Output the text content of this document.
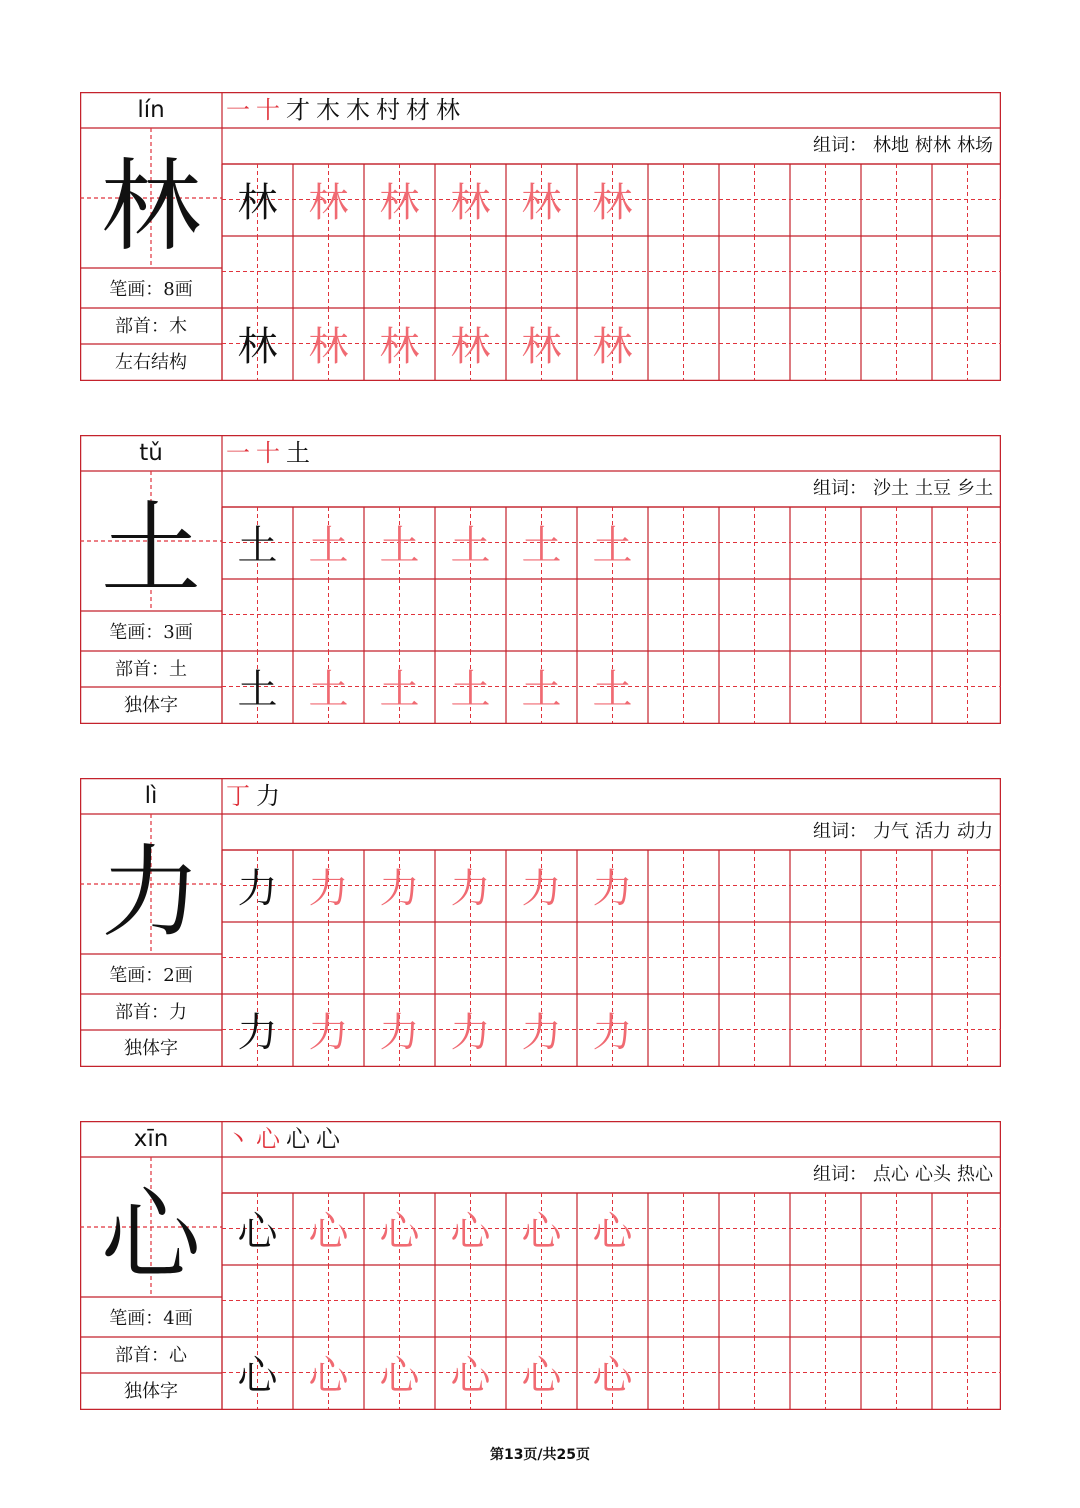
lín
林
笔画：8画
部首：木
左右结构
一十才木木村材林
组词： 林地 树林 林场
林 林 林 林 林 林
林 林 林 林 林 林
tǔ
土
笔画：3画
部首：土
独体字
一十土
组词： 沙土 土豆 乡土
土 土 土 土 土 土
土 土 土 土 土 土
lì
力
笔画：2画
部首：力
独体字
丁力
组词： 力气 活力 动力
力 力 力 力 力 力
力 力 力 力 力 力
xīn
心
笔画：4画
部首：心
独体字
丶心心心
组词： 点心 心头 热心
心 心 心 心 心 心
心 心 心 心 心 心
第13页/共25页
